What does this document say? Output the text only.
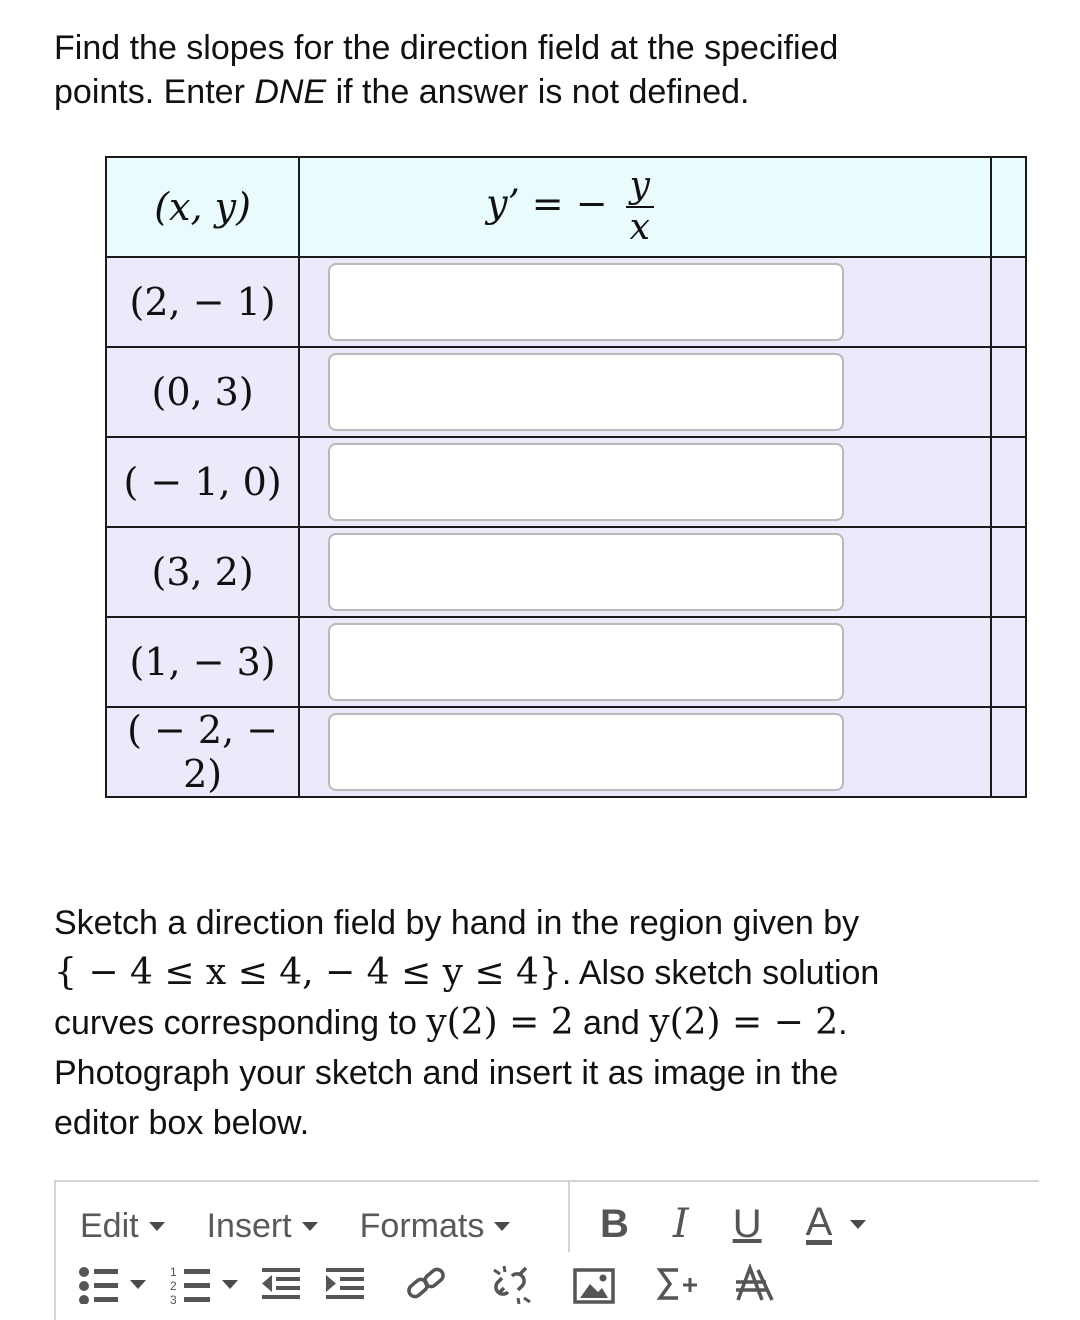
Find the slopes for the direction field at the specified
points. Enter DNE if the answer is not defined.
(x, y)	y’ = − $\frac{y}{x}$

(2, − 1)	

(0, 3)	

( − 1, 0)	

(3, 2)	

(1, − 3)	

( − 2, − 2)	

Sketch a direction field by hand in the region given by
{ − 4 ≤ x ≤ 4, − 4 ≤ y ≤ 4}. Also sketch solution
curves corresponding to y(2) = 2 and y(2) = − 2.
Photograph your sketch and insert it as image in the
editor box below.
Edit Insert Formats	B I U A
1
2
3
